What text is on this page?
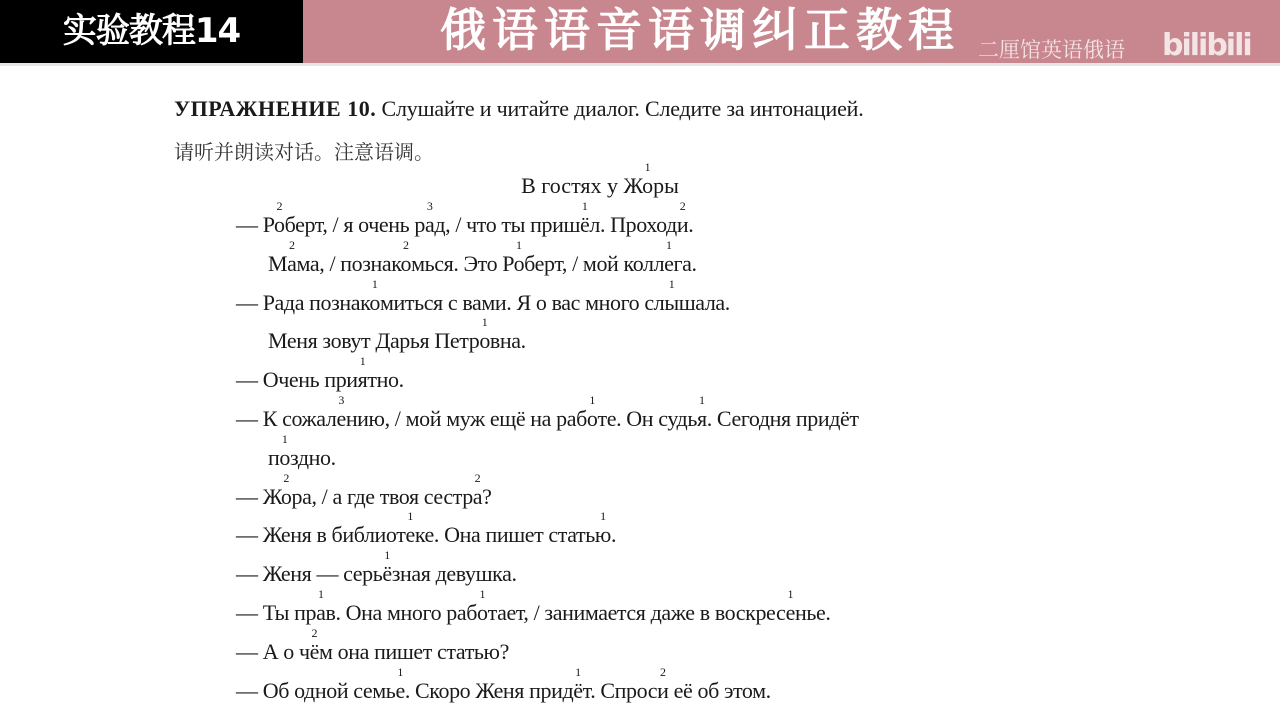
实验教程14	俄语语音语调纠正教程 二厘馆英语俄语 bilibili
УПРАЖНЕНИЕ 10. Слушайте и читайте диалог. Следите за интонацией.
请听并朗读对话。注意语调。
В гостях у Жо
1
ры
— Ро
2
берт, / я очень ра
3
д, / что ты пришё
1
л. Проходи
2
.
Ма
2
ма, / познако
2
мься. Это Ро
1
берт, / мой колле
1
га.
— Рада познако
1
миться с вами. Я о вас много слы
1
шала.
Меня зовут Дарья Петро
1
вна.
— Очень прия
1
тно.
— К сожале
3
нию, / мой муж ещё на рабо
1
те. Он судья
1
. Сегодня придёт
по
1
здно.
— Жо
2
ра, / а где твоя сестра
2
?
— Женя в библиоте
1
ке. Она пишет статью
1
.
— Женя — серьё
1
зная девушка.
— Ты пра
1
в. Она много рабо
1
тает, / занимается даже в воскресе
1
нье.
— А о чё
2
м она пишет статью?
— Об одной семье
1
. Скоро Женя придё
1
т. Спроси
2
её об этом.
